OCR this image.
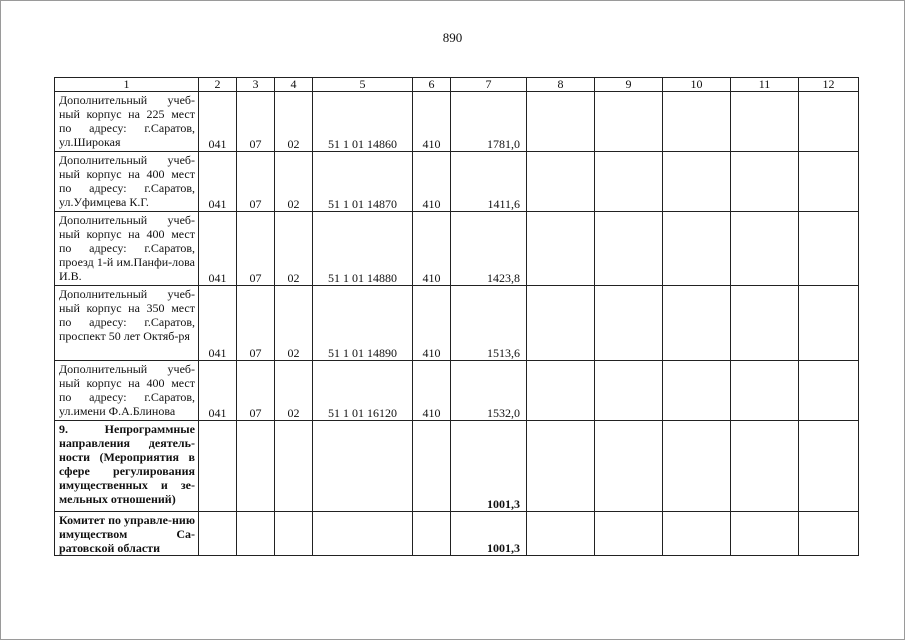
890
1	2	3	4	5	6	7	8	9	10	11	12
Дополнительный учеб-ный корпус на 225 мест по адресу: г.Саратов, ул.Широкая	041	07	02	51 1 01 14860	410	1781,0					
Дополнительный учеб-ный корпус на 400 мест по адресу: г.Саратов, ул.Уфимцева К.Г.	041	07	02	51 1 01 14870	410	1411,6					
Дополнительный учеб-ный корпус на 400 мест по адресу: г.Саратов, проезд 1-й им.Панфи-лова И.В.	041	07	02	51 1 01 14880	410	1423,8					
Дополнительный учеб-ный корпус на 350 мест по адресу: г.Саратов, проспект 50 лет Октяб-ря	041	07	02	51 1 01 14890	410	1513,6					
Дополнительный учеб-ный корпус на 400 мест по адресу: г.Саратов, ул.имени Ф.А.Блинова	041	07	02	51 1 01 16120	410	1532,0					
9. Непрограммные направления деятель-ности (Мероприятия в сфере регулирования имущественных и зе-мельных отношений)						1001,3					
Комитет по управле-нию имуществом Са-ратовской области						1001,3					
